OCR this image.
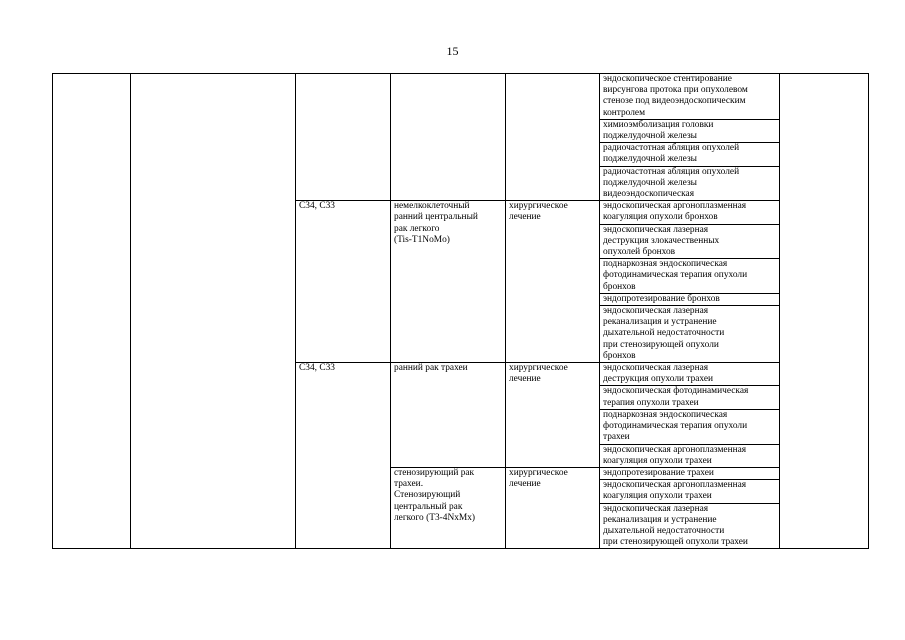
15

					эндоскопическое стентирование
вирсунгова протока при опухолевом
стенозе под видеоэндоскопическим
контролем	

					химиоэмболизация головки
поджелудочной железы	

					радиочастотная абляция опухолей
поджелудочной железы	

					радиочастотная абляция опухолей
поджелудочной железы
видеоэндоскопическая	

		С34, С33	немелкоклеточный
ранний центральный
рак легкого
(Tis-T1NoMo)	хирургическое
лечение	эндоскопическая аргоноплазменная
коагуляция опухоли бронхов	

					эндоскопическая лазерная
деструкция злокачественных
опухолей бронхов	

					поднаркозная эндоскопическая
фотодинамическая терапия опухоли
бронхов	

					эндопротезирование бронхов	

					эндоскопическая лазерная
реканализация и устранение
дыхательной недостаточности
при стенозирующей опухоли
бронхов	

		С34, С33	ранний рак трахеи	хирургическое
лечение	эндоскопическая лазерная
деструкция опухоли трахеи	

					эндоскопическая фотодинамическая
терапия опухоли трахеи	

					поднаркозная эндоскопическая
фотодинамическая терапия опухоли
трахеи	

					эндоскопическая аргоноплазменная
коагуляция опухоли трахеи	

			стенозирующий рак
трахеи.
Стенозирующий
центральный рак
легкого (T3-4NxMx)	хирургическое
лечение	эндопротезирование трахеи	

					эндоскопическая аргоноплазменная
коагуляция опухоли трахеи	

					эндоскопическая лазерная
реканализация и устранение
дыхательной недостаточности
при стенозирующей опухоли трахеи	
